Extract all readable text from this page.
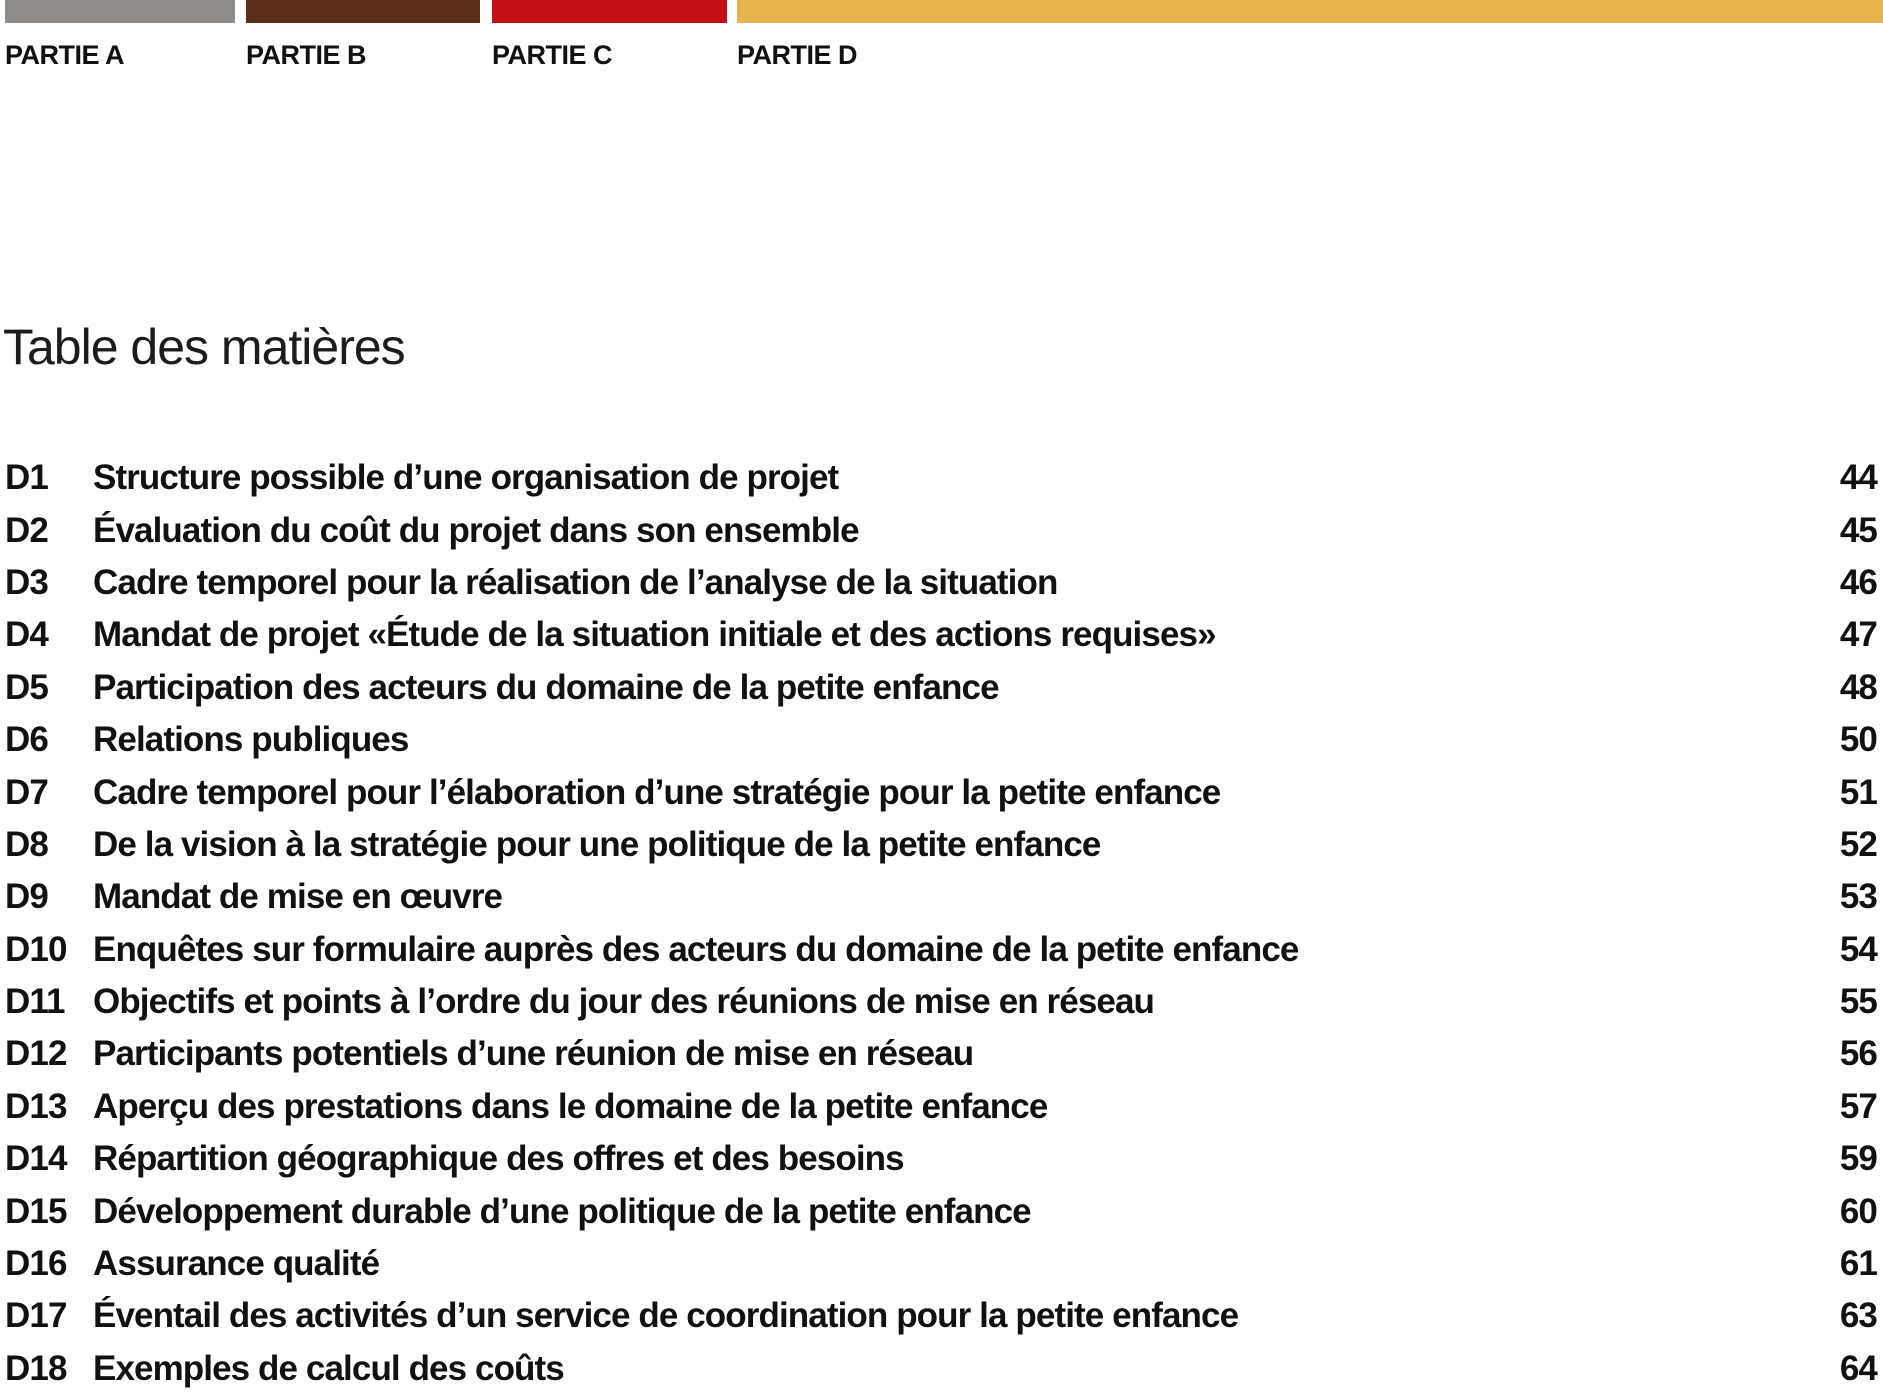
PARTIE A	PARTIE B	PARTIE C	PARTIE D
Table des matières
D1	Structure possible d’une organisation de projet	44
D2	Évaluation du coût du projet dans son ensemble	45
D3	Cadre temporel pour la réalisation de l’analyse de la situation	46
D4	Mandat de projet «Étude de la situation initiale et des actions requises»	47
D5	Participation des acteurs du domaine de la petite enfance	48
D6	Relations publiques	50
D7	Cadre temporel pour l’élaboration d’une stratégie pour la petite enfance	51
D8	De la vision à la stratégie pour une politique de la petite enfance	52
D9	Mandat de mise en œuvre	53
D10 Enquêtes sur formulaire auprès des acteurs du domaine de la petite enfance	54
D11 Objectifs et points à l’ordre du jour des réunions de mise en réseau	55
D12 Participants potentiels d’une réunion de mise en réseau	56
D13 Aperçu des prestations dans le domaine de la petite enfance	57
D14 Répartition géographique des offres et des besoins	59
D15 Développement durable d’une politique de la petite enfance	60
D16 Assurance qualité	61
D17 Éventail des activités d’un service de coordination pour la petite enfance	63
D18 Exemples de calcul des coûts	64
